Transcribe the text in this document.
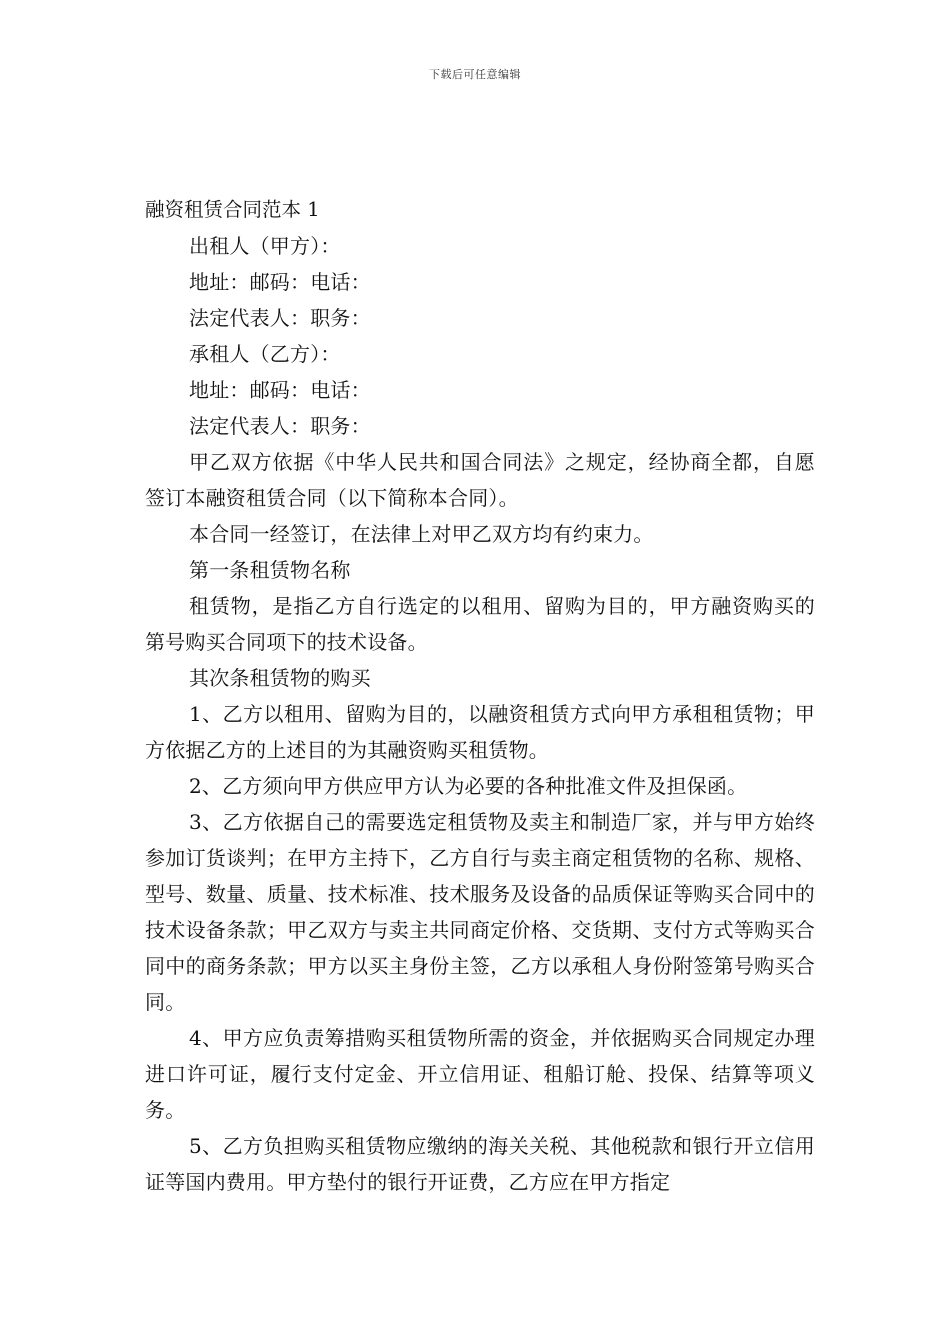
下载后可任意编辑
融资租赁合同范本 1

出租人（甲方）：

地址：邮码：电话：

法定代表人：职务：

承租人（乙方）：

地址：邮码：电话：

法定代表人：职务：

甲乙双方依据《中华人民共和国合同法》之规定，经协商全都，自愿签订本融资租赁合同（以下简称本合同）。

本合同一经签订，在法律上对甲乙双方均有约束力。

第一条租赁物名称

租赁物，是指乙方自行选定的以租用、留购为目的，甲方融资购买的第号购买合同项下的技术设备。

其次条租赁物的购买

1、乙方以租用、留购为目的，以融资租赁方式向甲方承租租赁物；甲方依据乙方的上述目的为其融资购买租赁物。

2、乙方须向甲方供应甲方认为必要的各种批准文件及担保函。

3、乙方依据自己的需要选定租赁物及卖主和制造厂家，并与甲方始终参加订货谈判；在甲方主持下，乙方自行与卖主商定租赁物的名称、规格、型号、数量、质量、技术标准、技术服务及设备的品质保证等购买合同中的技术设备条款；甲乙双方与卖主共同商定价格、交货期、支付方式等购买合同中的商务条款；甲方以买主身份主签，乙方以承租人身份附签第号购买合同。

4、甲方应负责筹措购买租赁物所需的资金，并依据购买合同规定办理进口许可证，履行支付定金、开立信用证、租船订舱、投保、结算等项义务。

5、乙方负担购买租赁物应缴纳的海关关税、其他税款和银行开立信用证等国内费用。甲方垫付的银行开证费，乙方应在甲方指定
